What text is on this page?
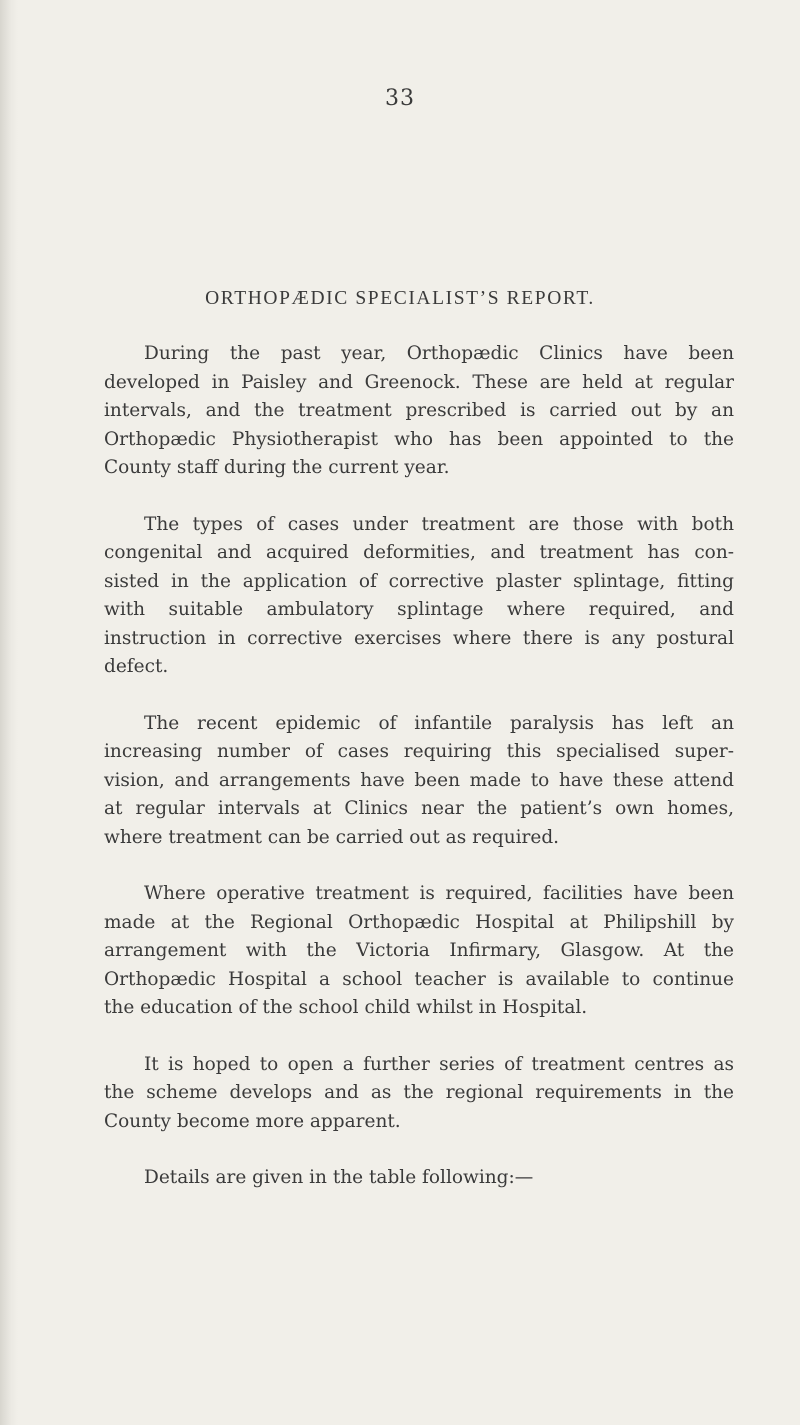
33
ORTHOPÆDIC SPECIALIST’S REPORT.

During the past year, Orthopædic Clinics have been
developed in Paisley and Greenock. These are held at regular
intervals, and the treatment prescribed is carried out by an
Orthopædic Physiotherapist who has been appointed to the
County staff during the current year.

The types of cases under treatment are those with both
congenital and acquired deformities, and treatment has con-
sisted in the application of corrective plaster splintage, fitting
with suitable ambulatory splintage where required, and
instruction in corrective exercises where there is any postural
defect.

The recent epidemic of infantile paralysis has left an
increasing number of cases requiring this specialised super-
vision, and arrangements have been made to have these attend
at regular intervals at Clinics near the patient’s own homes,
where treatment can be carried out as required.

Where operative treatment is required, facilities have been
made at the Regional Orthopædic Hospital at Philipshill by
arrangement with the Victoria Infirmary, Glasgow. At the
Orthopædic Hospital a school teacher is available to continue
the education of the school child whilst in Hospital.

It is hoped to open a further series of treatment centres as
the scheme develops and as the regional requirements in the
County become more apparent.

Details are given in the table following:—
